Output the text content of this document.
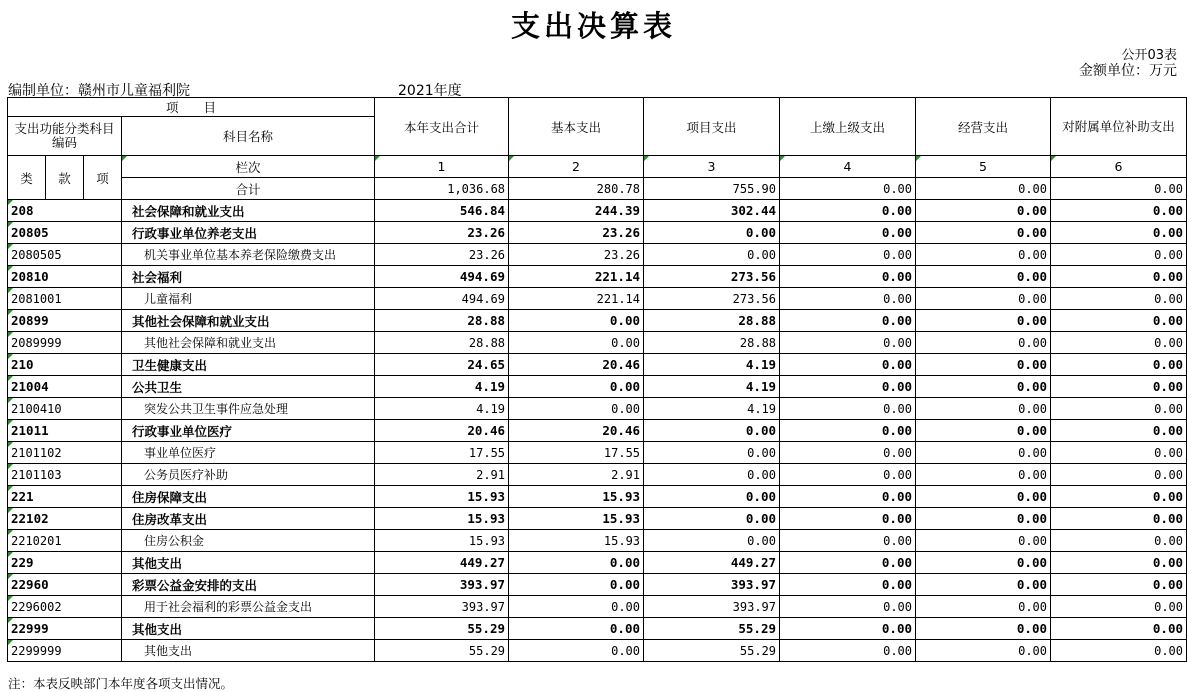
支出决算表
公开03表
金额单位：万元
编制单位：赣州市儿童福利院	2021年度
项　　目				本年支出合计	基本支出	项目支出	上缴上级支出	经营支出	对附属单位补助支出
支出功能分类科目编码			科目名称						

类	款	项	栏次	1	2	3	4	5	6
			合计	1,036.68	280.78	755.90	0.00	0.00	0.00
208			社会保障和就业支出	546.84	244.39	302.44	0.00	0.00	0.00
20805			行政事业单位养老支出	23.26	23.26	0.00	0.00	0.00	0.00
2080505			机关事业单位基本养老保险缴费支出	23.26	23.26	0.00	0.00	0.00	0.00
20810			社会福利	494.69	221.14	273.56	0.00	0.00	0.00
2081001			儿童福利	494.69	221.14	273.56	0.00	0.00	0.00
20899			其他社会保障和就业支出	28.88	0.00	28.88	0.00	0.00	0.00
2089999			其他社会保障和就业支出	28.88	0.00	28.88	0.00	0.00	0.00
210			卫生健康支出	24.65	20.46	4.19	0.00	0.00	0.00
21004			公共卫生	4.19	0.00	4.19	0.00	0.00	0.00
2100410			突发公共卫生事件应急处理	4.19	0.00	4.19	0.00	0.00	0.00
21011			行政事业单位医疗	20.46	20.46	0.00	0.00	0.00	0.00
2101102			事业单位医疗	17.55	17.55	0.00	0.00	0.00	0.00
2101103			公务员医疗补助	2.91	2.91	0.00	0.00	0.00	0.00
221			住房保障支出	15.93	15.93	0.00	0.00	0.00	0.00
22102			住房改革支出	15.93	15.93	0.00	0.00	0.00	0.00
2210201			住房公积金	15.93	15.93	0.00	0.00	0.00	0.00
229			其他支出	449.27	0.00	449.27	0.00	0.00	0.00
22960			彩票公益金安排的支出	393.97	0.00	393.97	0.00	0.00	0.00
2296002			用于社会福利的彩票公益金支出	393.97	0.00	393.97	0.00	0.00	0.00
22999			其他支出	55.29	0.00	55.29	0.00	0.00	0.00
2299999			其他支出	55.29	0.00	55.29	0.00	0.00	0.00
注：本表反映部门本年度各项支出情况。
